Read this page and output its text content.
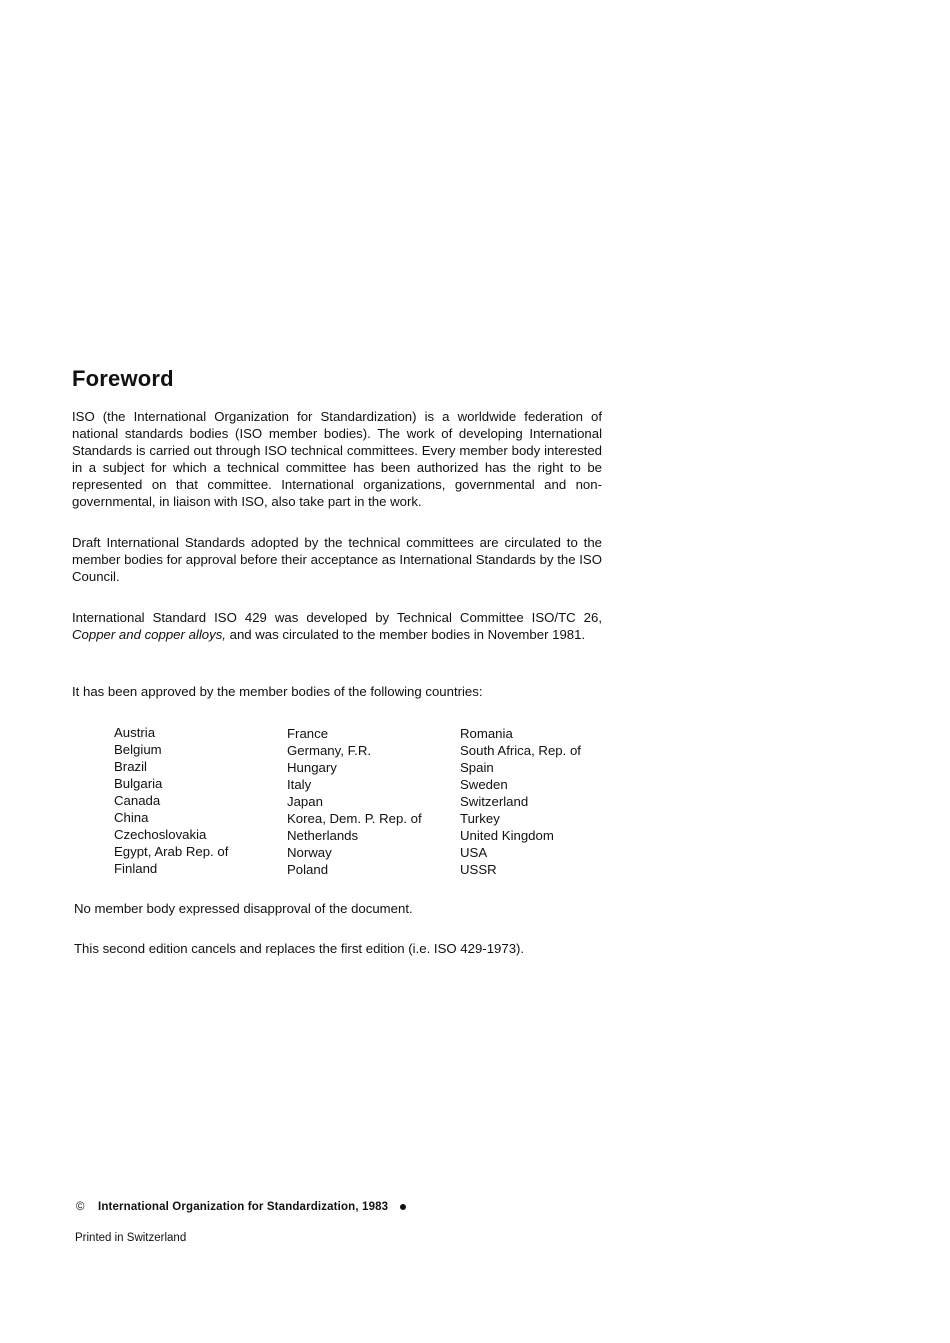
Foreword

ISO (the International Organization for Standardization) is a worldwide federation of national standards bodies (ISO member bodies). The work of developing International Standards is carried out through ISO technical committees. Every member body interested in a subject for which a technical committee has been authorized has the right to be represented on that committee. International organizations, governmental and non-governmental, in liaison with ISO, also take part in the work.

Draft International Standards adopted by the technical committees are circulated to the member bodies for approval before their acceptance as International Standards by the ISO Council.

International Standard ISO 429 was developed by Technical Committee ISO/TC 26, Copper and copper alloys, and was circulated to the member bodies in November 1981.

It has been approved by the member bodies of the following countries:

Austria
Belgium
Brazil
Bulgaria
Canada
China
Czechoslovakia
Egypt, Arab Rep. of
Finland
France
Germany, F.R.
Hungary
Italy
Japan
Korea, Dem. P. Rep. of
Netherlands
Norway
Poland
Romania
South Africa, Rep. of
Spain
Sweden
Switzerland
Turkey
United Kingdom
USA
USSR

No member body expressed disapproval of the document.

This second edition cancels and replaces the first edition (i.e. ISO 429-1973).

© International Organization for Standardization, 1983
Printed in Switzerland
